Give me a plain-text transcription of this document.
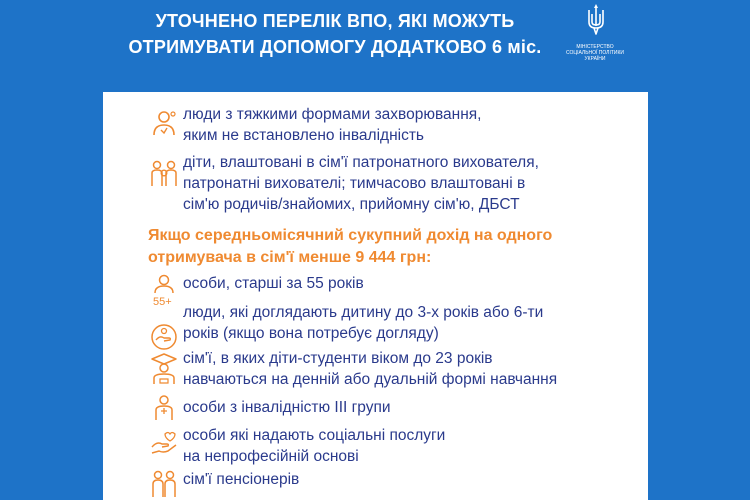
УТОЧНЕНО ПЕРЕЛІК ВПО, ЯКІ МОЖУТЬ
ОТРИМУВАТИ ДОПОМОГУ ДОДАТКОВО 6 міс.	МІНІСТЕРСТВО
СОЦІАЛЬНОЇ ПОЛІТИКИ
УКРАЇНИ
люди з тяжкими формами захворювання,
яким не встановлено інвалідність
діти, влаштовані в сім'ї патронатного вихователя,
патронатні вихователі; тимчасово влаштовані в
сім'ю родичів/знайомих, прийомну сім'ю, ДБСТ
Якщо середньомісячний сукупний дохід на одного
отримувача в сім'ї менше 9 444 грн:
55+
особи, старші за 55 років
люди, які доглядають дитину до 3-х років або 6-ти
років (якщо вона потребує догляду)
сім'ї, в яких діти-студенти віком до 23 років
навчаються на денній або дуальній формі навчання
особи з інвалідністю ІІІ групи
особи які надають соціальні послуги
на непрофесійній основі
сім'ї пенсіонерів
